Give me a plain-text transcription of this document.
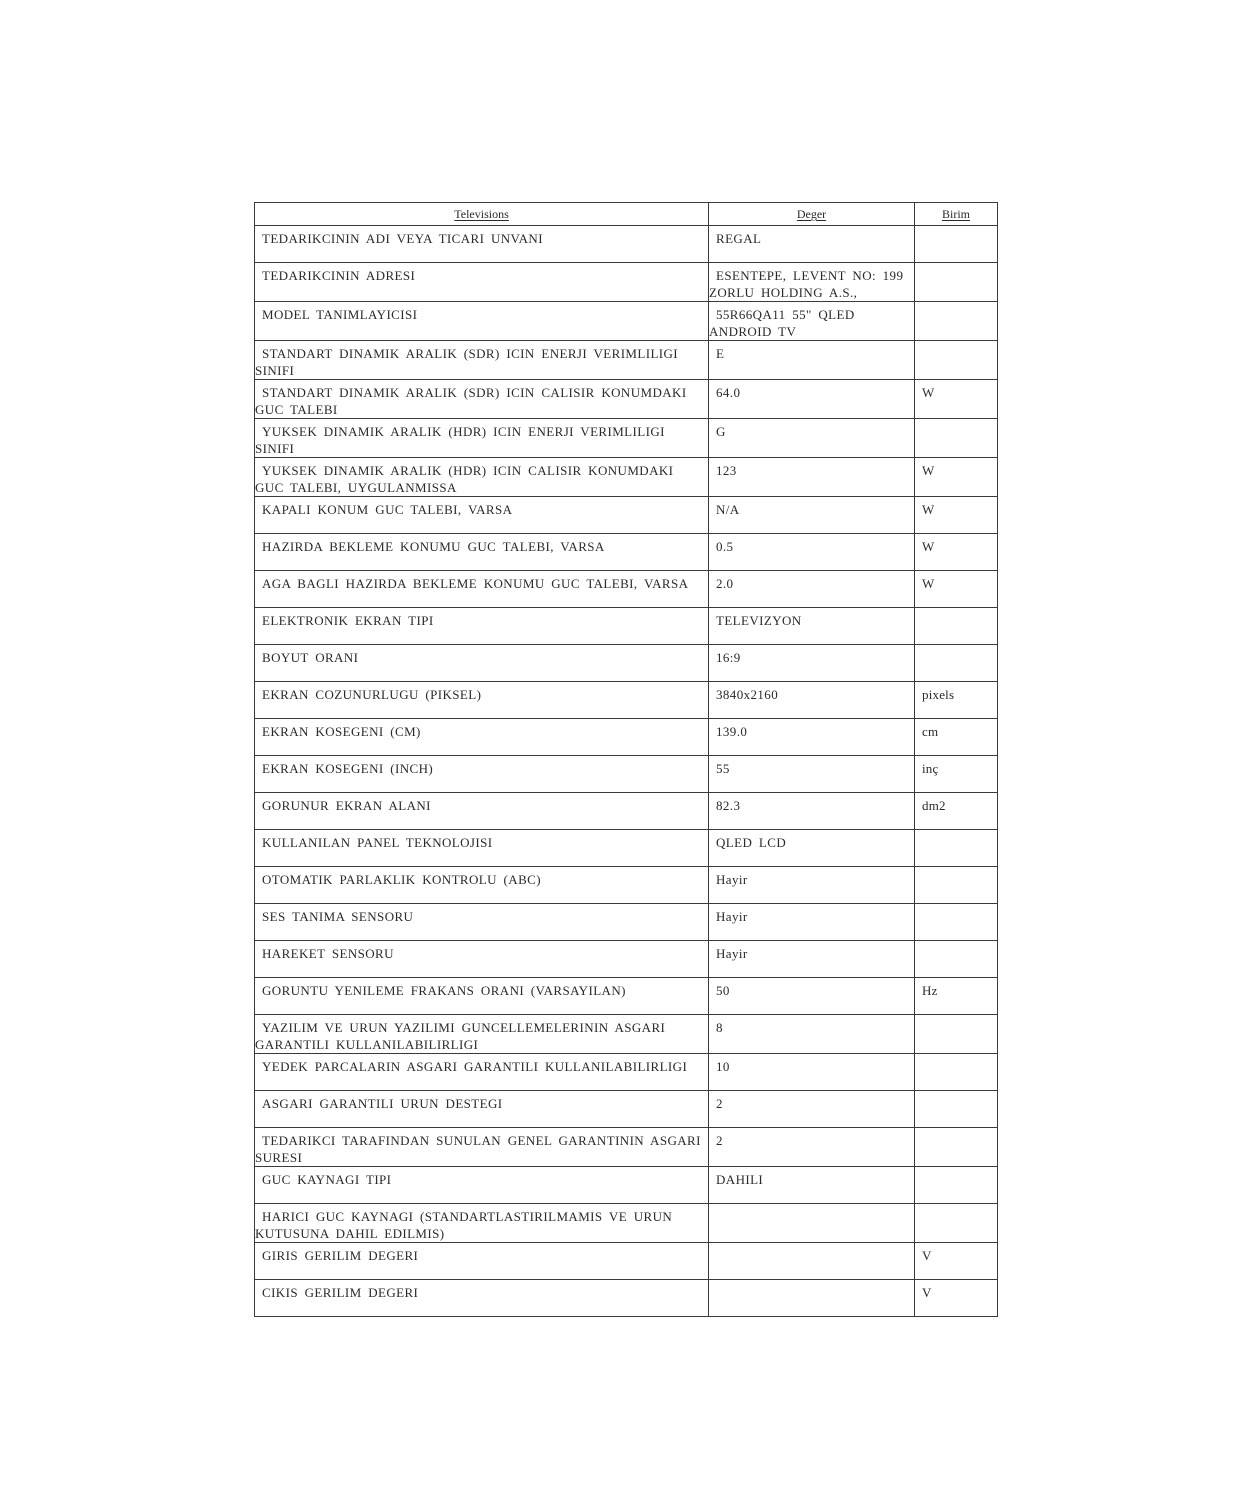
Televisions	Deger	Birim

TEDARIKCININ ADI VEYA TICARI UNVANI	REGAL	

TEDARIKCININ ADRESI	ESENTEPE, LEVENT NO: 199 ZORLU HOLDING A.S.,	

MODEL TANIMLAYICISI	55R66QA11 55" QLED ANDROID TV	

STANDART DINAMIK ARALIK (SDR) ICIN ENERJI VERIMLILIGI SINIFI	E	

STANDART DINAMIK ARALIK (SDR) ICIN CALISIR KONUMDAKI GUC TALEBI	64.0	W

YUKSEK DINAMIK ARALIK (HDR) ICIN ENERJI VERIMLILIGI SINIFI	G	

YUKSEK DINAMIK ARALIK (HDR) ICIN CALISIR KONUMDAKI GUC TALEBI, UYGULANMISSA	123	W

KAPALI KONUM GUC TALEBI, VARSA	N/A	W

HAZIRDA BEKLEME KONUMU GUC TALEBI, VARSA	0.5	W

AGA BAGLI HAZIRDA BEKLEME KONUMU GUC TALEBI, VARSA	2.0	W

ELEKTRONIK EKRAN TIPI	TELEVIZYON	

BOYUT ORANI	16:9	

EKRAN COZUNURLUGU (PIKSEL)	3840x2160	pixels

EKRAN KOSEGENI (CM)	139.0	cm

EKRAN KOSEGENI (INCH)	55	inç

GORUNUR EKRAN ALANI	82.3	dm2

KULLANILAN PANEL TEKNOLOJISI	QLED LCD	

OTOMATIK PARLAKLIK KONTROLU (ABC)	Hayir	

SES TANIMA SENSORU	Hayir	

HAREKET SENSORU	Hayir	

GORUNTU YENILEME FRAKANS ORANI (VARSAYILAN)	50	Hz

YAZILIM VE URUN YAZILIMI GUNCELLEMELERININ ASGARI GARANTILI KULLANILABILIRLIGI	8	

YEDEK PARCALARIN ASGARI GARANTILI KULLANILABILIRLIGI	10	

ASGARI GARANTILI URUN DESTEGI	2	

TEDARIKCI TARAFINDAN SUNULAN GENEL GARANTININ ASGARI SURESI	2	

GUC KAYNAGI TIPI	DAHILI	

HARICI GUC KAYNAGI (STANDARTLASTIRILMAMIS VE URUN KUTUSUNA DAHIL EDILMIS)		

GIRIS GERILIM DEGERI		V

CIKIS GERILIM DEGERI		V
